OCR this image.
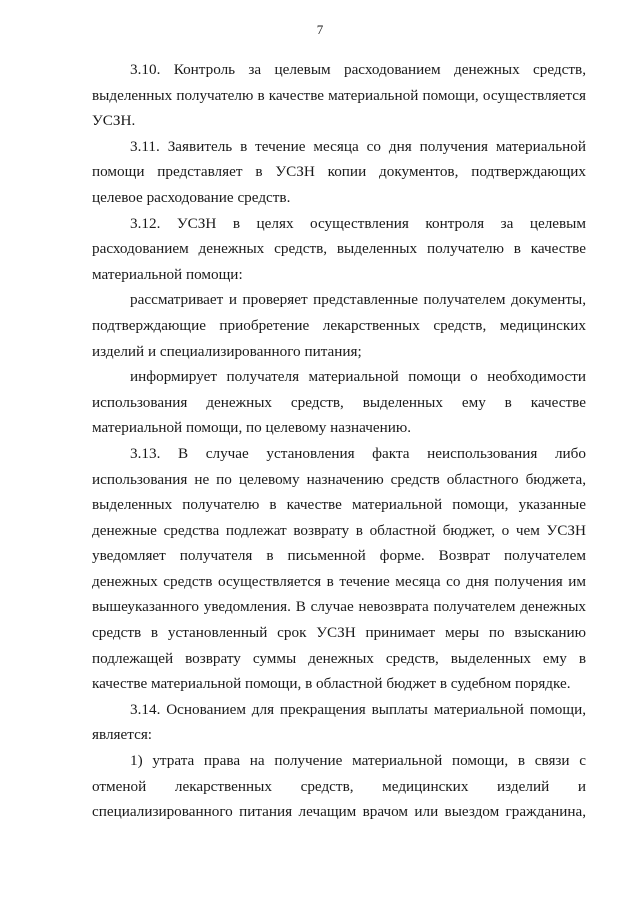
7

3.10. Контроль за целевым расходованием денежных средств, выделенных получателю в качестве материальной помощи, осуществляется УСЗН.

3.11. Заявитель в течение месяца со дня получения материальной помощи представляет в УСЗН копии документов, подтверждающих целевое расходование средств.

3.12. УСЗН в целях осуществления контроля за целевым расходованием денежных средств, выделенных получателю в качестве материальной помощи:

рассматривает и проверяет представленные получателем документы, подтверждающие приобретение лекарственных средств, медицинских изделий и специализированного питания;

информирует получателя материальной помощи о необходимости использования денежных средств, выделенных ему в качестве материальной помощи, по целевому назначению.

3.13. В случае установления факта неиспользования либо использования не по целевому назначению средств областного бюджета, выделенных получателю в качестве материальной помощи, указанные денежные средства подлежат возврату в областной бюджет, о чем УСЗН уведомляет получателя в письменной форме. Возврат получателем денежных средств осуществляется в течение месяца со дня получения им вышеуказанного уведомления. В случае невозврата получателем денежных средств в установленный срок УСЗН принимает меры по взысканию подлежащей возврату суммы денежных средств, выделенных ему в качестве материальной помощи, в областной бюджет в судебном порядке.

3.14. Основанием для прекращения выплаты материальной помощи, является:

1) утрата права на получение материальной помощи, в связи с отменой лекарственных средств, медицинских изделий и специализированного питания лечащим врачом или выездом гражданина,
